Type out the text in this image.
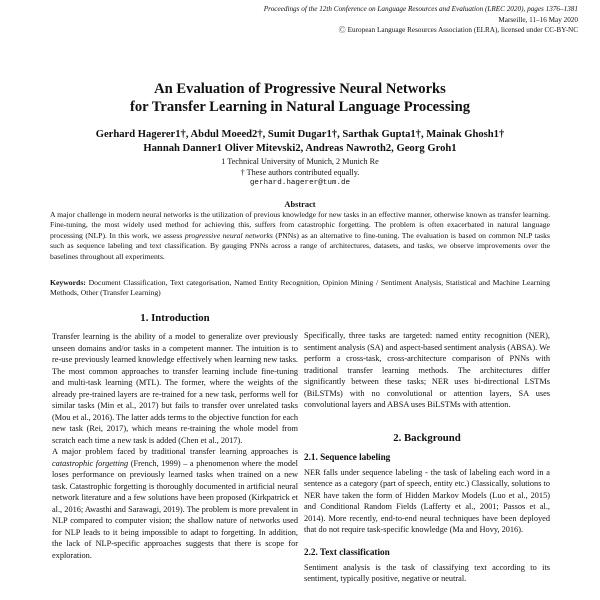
Proceedings of the 12th Conference on Language Resources and Evaluation (LREC 2020), pages 1376–1381
Marseille, 11–16 May 2020
Ⓒ European Language Resources Association (ELRA), licensed under CC-BY-NC
An Evaluation of Progressive Neural Networks
for Transfer Learning in Natural Language Processing
Gerhard Hagerer1†, Abdul Moeed2†, Sumit Dugar1†, Sarthak Gupta1†, Mainak Ghosh1†
Hannah Danner1 Oliver Mitevski2, Andreas Nawroth2, Georg Groh1
1 Technical University of Munich, 2 Munich Re
† These authors contributed equally.
gerhard.hagerer@tum.de
Abstract
A major challenge in modern neural networks is the utilization of previous knowledge for new tasks in an effective manner, otherwise known as transfer learning. Fine-tuning, the most widely used method for achieving this, suffers from catastrophic forgetting. The problem is often exacerbated in natural language processing (NLP). In this work, we assess progressive neural networks (PNNs) as an alternative to fine-tuning. The evaluation is based on common NLP tasks such as sequence labeling and text classification. By gauging PNNs across a range of architectures, datasets, and tasks, we observe improvements over the baselines throughout all experiments.
Keywords: Document Classification, Text categorisation, Named Entity Recognition, Opinion Mining / Sentiment Analysis, Statistical and Machine Learning Methods, Other (Transfer Learning)
1. Introduction

Transfer learning is the ability of a model to generalize over previously unseen domains and/or tasks in a competent manner. The intuition is to re-use previously learned knowledge effectively when learning new tasks. The most common approaches to transfer learning include fine-tuning and multi-task learning (MTL). The former, where the weights of the already pre-trained layers are re-trained for a new task, performs well for similar tasks (Min et al., 2017) but fails to transfer over unrelated tasks (Mou et al., 2016). The latter adds terms to the objective function for each new task (Rei, 2017), which means re-training the whole model from scratch each time a new task is added (Chen et al., 2017).

A major problem faced by traditional transfer learning approaches is catastrophic forgetting (French, 1999) – a phenomenon where the model loses performance on previously learned tasks when trained on a new task. Catastrophic forgetting is thoroughly documented in artificial neural network literature and a few solutions have been proposed (Kirkpatrick et al., 2016; Awasthi and Sarawagi, 2019). The problem is more prevalent in NLP compared to computer vision; the shallow nature of networks used for NLP leads to it being impossible to adapt to forgetting. In addition, the lack of NLP-specific approaches suggests that there is scope for exploration.

Specifically, three tasks are targeted: named entity recognition (NER), sentiment analysis (SA) and aspect-based sentiment analysis (ABSA). We perform a cross-task, cross-architecture comparison of PNNs with traditional transfer learning methods. The architectures differ significantly between these tasks; NER uses bi-directional LSTMs (BiLSTMs) with no convolutional or attention layers, SA uses convolutional layers and ABSA uses BiLSTMs with attention.

2. Background
2.1. Sequence labeling

NER falls under sequence labeling - the task of labeling each word in a sentence as a category (part of speech, entity etc.) Classically, solutions to NER have taken the form of Hidden Markov Models (Luo et al., 2015) and Conditional Random Fields (Lafferty et al., 2001; Passos et al., 2014). More recently, end-to-end neural techniques have been deployed that do not require task-specific knowledge (Ma and Hovy, 2016).

2.2. Text classification

Sentiment analysis is the task of classifying text according to its sentiment, typically positive, negative or neutral.
